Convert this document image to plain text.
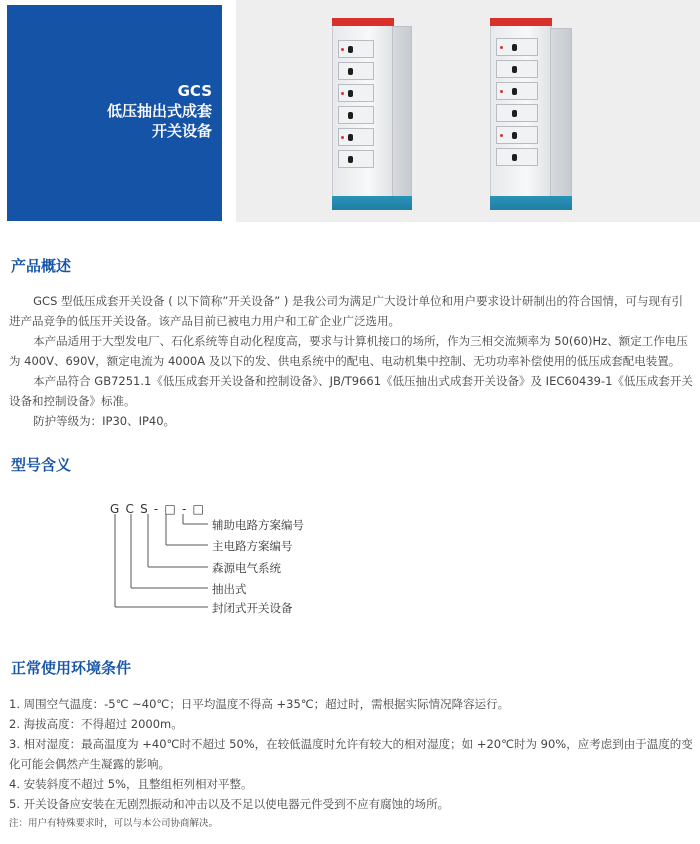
GCS
低压抽出式成套
开关设备
产品概述

GCS 型低压成套开关设备 ( 以下简称”开关设备” ) 是我公司为满足广大设计单位和用户要求设计研制出的符合国情，可与现有引进产品竞争的低压开关设备。该产品目前已被电力用户和工矿企业广泛选用。

本产品适用于大型发电厂、石化系统等自动化程度高，要求与计算机接口的场所，作为三相交流频率为 50(60)Hz、额定工作电压为 400V、690V，额定电流为 4000A 及以下的发、供电系统中的配电、电动机集中控制、无功功率补偿使用的低压成套配电装置。

本产品符合 GB7251.1《低压成套开关设备和控制设备》、JB/T9661《低压抽出式成套开关设备》及 IEC60439-1《低压成套开关设备和控制设备》标准。

防护等级为：IP30、IP40。

型号含义
GCS-□-□
辅助电路方案编号
主电路方案编号
森源电气系统
抽出式
封闭式开关设备
正常使用环境条件
1. 周围空气温度：-5℃ ~40℃；日平均温度不得高 +35℃；超过时，需根据实际情况降容运行。
2. 海拔高度：不得超过 2000m。
3. 相对湿度：最高温度为 +40℃时不超过 50%，在较低温度时允许有较大的相对湿度；如 +20℃时为 90%，应考虑到由于温度的变化可能会偶然产生凝露的影响。
4. 安装斜度不超过 5%，且整组柜列相对平整。
5. 开关设备应安装在无剧烈振动和冲击以及不足以使电器元件受到不应有腐蚀的场所。
注：用户有特殊要求时，可以与本公司协商解决。
